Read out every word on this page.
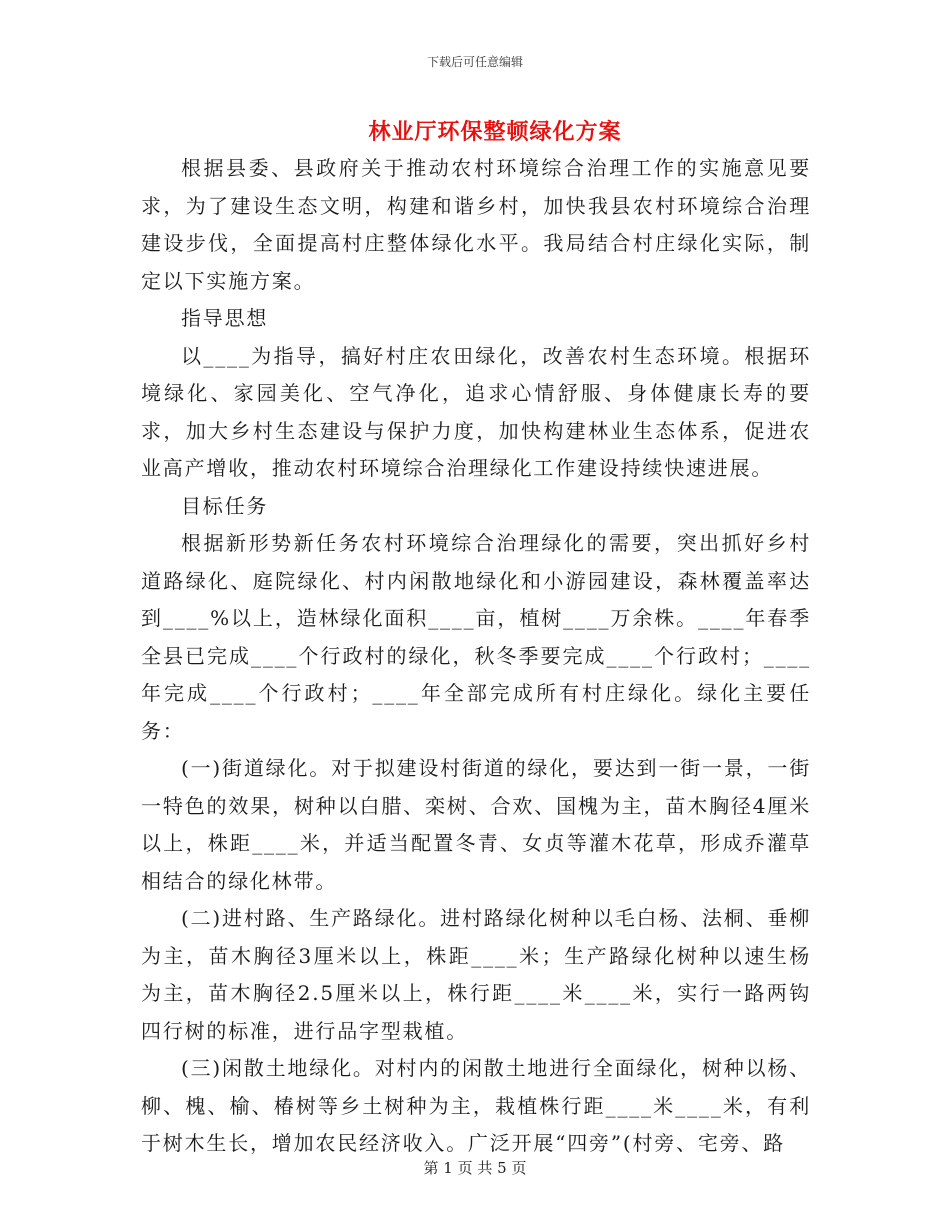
下载后可任意编辑
林业厅环保整顿绿化方案

根据县委、县政府关于推动农村环境综合治理工作的实施意见要求，为了建设生态文明，构建和谐乡村，加快我县农村环境综合治理建设步伐，全面提高村庄整体绿化水平。我局结合村庄绿化实际，制定以下实施方案。

指导思想

以____为指导，搞好村庄农田绿化，改善农村生态环境。根据环境绿化、家园美化、空气净化，追求心情舒服、身体健康长寿的要求，加大乡村生态建设与保护力度，加快构建林业生态体系，促进农业高产增收，推动农村环境综合治理绿化工作建设持续快速进展。

目标任务

根据新形势新任务农村环境综合治理绿化的需要，突出抓好乡村道路绿化、庭院绿化、村内闲散地绿化和小游园建设，森林覆盖率达到____%以上，造林绿化面积____亩，植树____万余株。____年春季全县已完成____个行政村的绿化，秋冬季要完成____个行政村；____年完成____个行政村；____年全部完成所有村庄绿化。绿化主要任务：

(一)街道绿化。对于拟建设村街道的绿化，要达到一街一景，一街一特色的效果，树种以白腊、栾树、合欢、国槐为主，苗木胸径4厘米以上，株距____米，并适当配置冬青、女贞等灌木花草，形成乔灌草相结合的绿化林带。

(二)进村路、生产路绿化。进村路绿化树种以毛白杨、法桐、垂柳为主，苗木胸径3厘米以上，株距____米；生产路绿化树种以速生杨为主，苗木胸径2.5厘米以上，株行距____米____米，实行一路两钩四行树的标准，进行品字型栽植。

(三)闲散土地绿化。对村内的闲散土地进行全面绿化，树种以杨、柳、槐、榆、椿树等乡土树种为主，栽植株行距____米____米，有利于树木生长，增加农民经济收入。广泛开展“四旁”(村旁、宅旁、路

第 1 页 共 5 页
